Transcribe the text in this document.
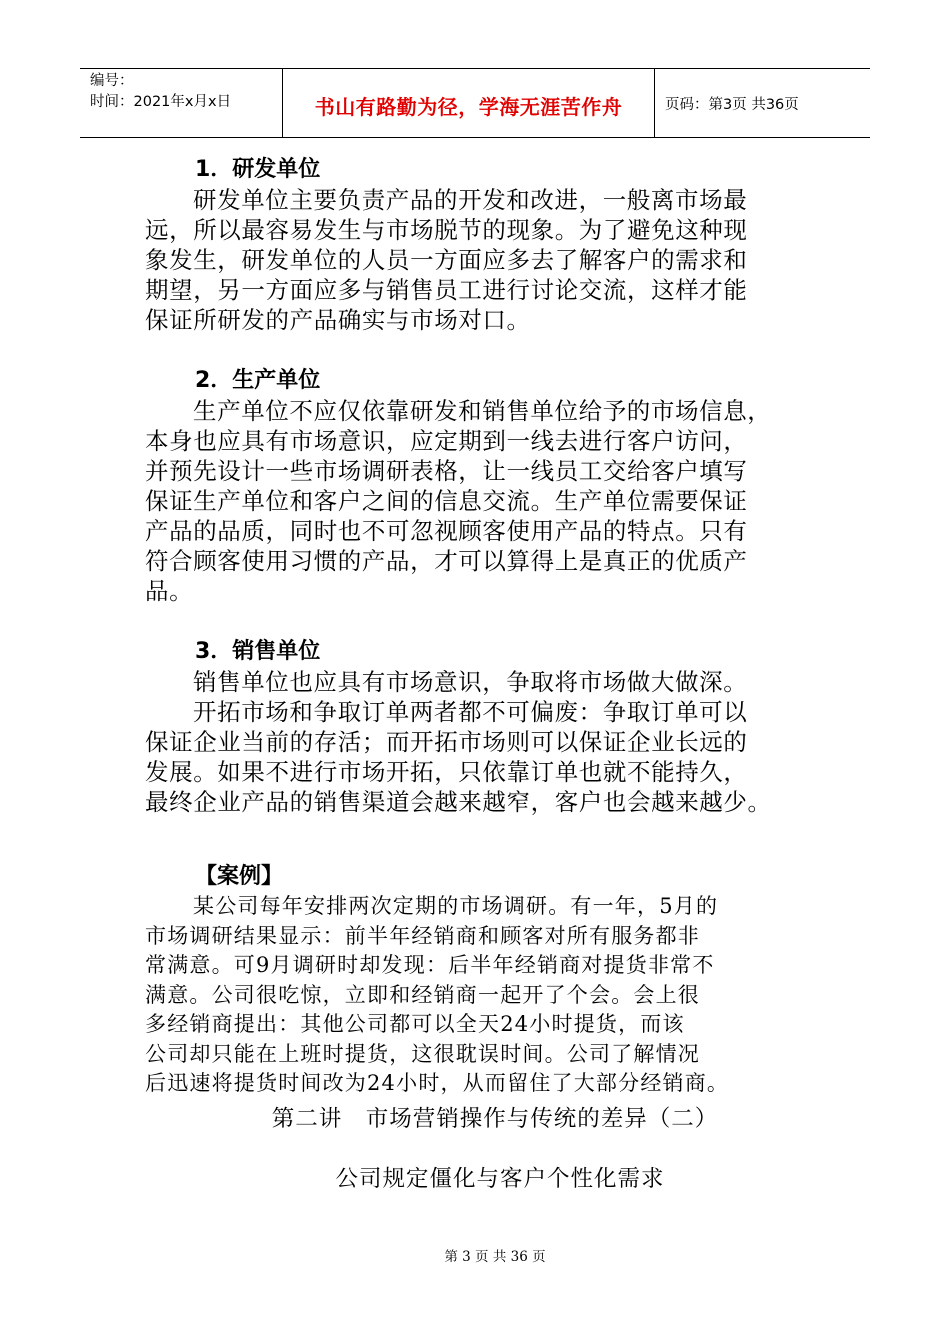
编号：
时间：2021年x月x日	书山有路勤为径，学海无涯苦作舟	页码：第3页 共36页
1．研发单位
研发单位主要负责产品的开发和改进，一般离市场最
远，所以最容易发生与市场脱节的现象。为了避免这种现
象发生，研发单位的人员一方面应多去了解客户的需求和
期望，另一方面应多与销售员工进行讨论交流，这样才能
保证所研发的产品确实与市场对口。
2．生产单位
生产单位不应仅依靠研发和销售单位给予的市场信息，
本身也应具有市场意识，应定期到一线去进行客户访问，
并预先设计一些市场调研表格，让一线员工交给客户填写
保证生产单位和客户之间的信息交流。生产单位需要保证
产品的品质，同时也不可忽视顾客使用产品的特点。只有
符合顾客使用习惯的产品，才可以算得上是真正的优质产
品。
3．销售单位
销售单位也应具有市场意识，争取将市场做大做深。
开拓市场和争取订单两者都不可偏废：争取订单可以
保证企业当前的存活；而开拓市场则可以保证企业长远的
发展。如果不进行市场开拓，只依靠订单也就不能持久，
最终企业产品的销售渠道会越来越窄，客户也会越来越少。
【案例】
某公司每年安排两次定期的市场调研。有一年，5月的
市场调研结果显示：前半年经销商和顾客对所有服务都非
常满意。可9月调研时却发现：后半年经销商对提货非常不
满意。公司很吃惊，立即和经销商一起开了个会。会上很
多经销商提出：其他公司都可以全天24小时提货，而该
公司却只能在上班时提货，这很耽误时间。公司了解情况
后迅速将提货时间改为24小时，从而留住了大部分经销商。
第二讲　市场营销操作与传统的差异（二）
公司规定僵化与客户个性化需求
第 3 页 共 36 页
